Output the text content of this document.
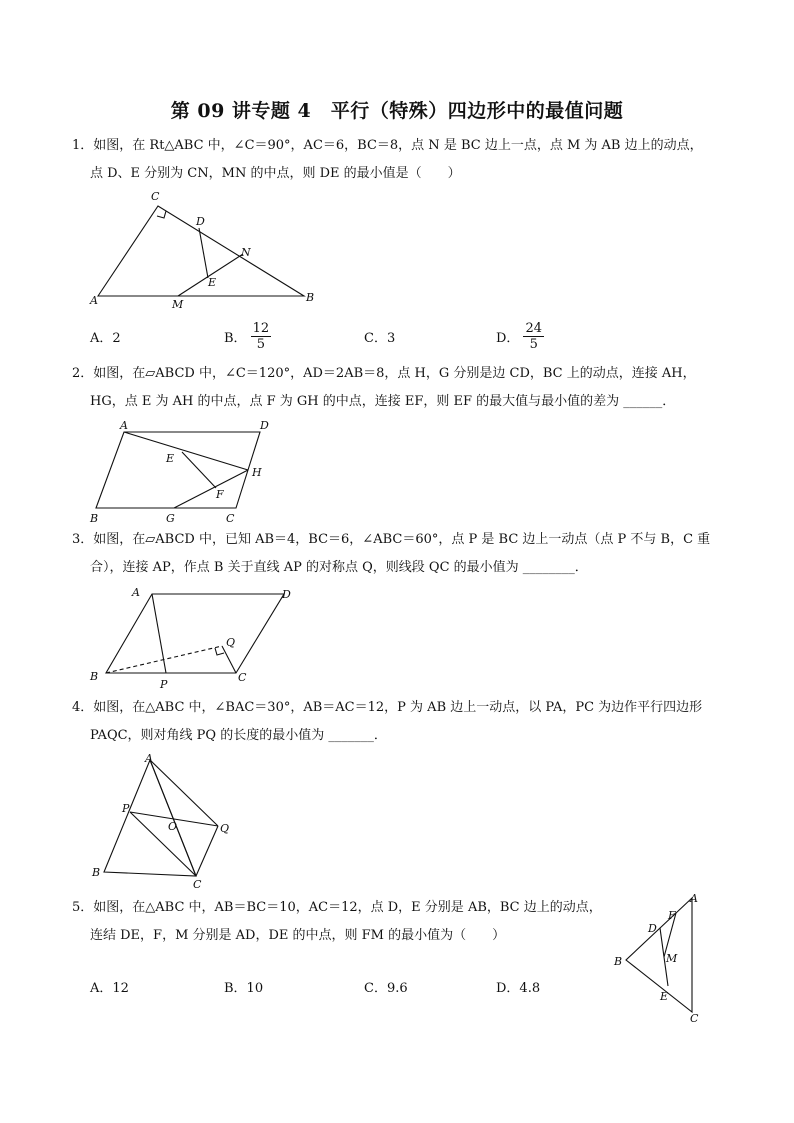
第 09 讲专题 4　平行（特殊）四边形中的最值问题
1．如图，在 Rt△ABC 中，∠C＝90°，AC＝6，BC＝8，点 N 是 BC 边上一点，点 M 为 AB 边上的动点，
点 D、E 分别为 CN，MN 的中点，则 DE 的最小值是（　　）
C
D
N
E
A	M
B
A．2	B． $\frac{12}{5}$	C．3	D． $\frac{24}{5}$
2．如图，在▱ABCD 中，∠C＝120°，AD＝2AB＝8，点 H，G 分别是边 CD，BC 上的动点，连接 AH，
HG，点 E 为 AH 的中点，点 F 为 GH 的中点，连接 EF，则 EF 的最大值与最小值的差为 ______．
A	D
E
H
F
B	G	C
3．如图，在▱ABCD 中，已知 AB＝4，BC＝6，∠ABC＝60°，点 P 是 BC 边上一动点（点 P 不与 B，C 重
合），连接 AP，作点 B 关于直线 AP 的对称点 Q，则线段 QC 的最小值为 ________．
A	D
Q
B
P
C
4．如图，在△ABC 中，∠BAC＝30°，AB＝AC＝12，P 为 AB 边上一动点，以 PA，PC 为边作平行四边形
PAQC，则对角线 PQ 的长度的最小值为 _______．
A
P
O	Q
B
C
5．如图，在△ABC 中，AB＝BC＝10，AC＝12，点 D，E 分别是 AB，BC 边上的动点，
连结 DE，F，M 分别是 AD，DE 的中点，则 FM 的最小值为（　　）
A
F
D
M
B
E
C
A．12	B．10	C．9.6	D．4.8
